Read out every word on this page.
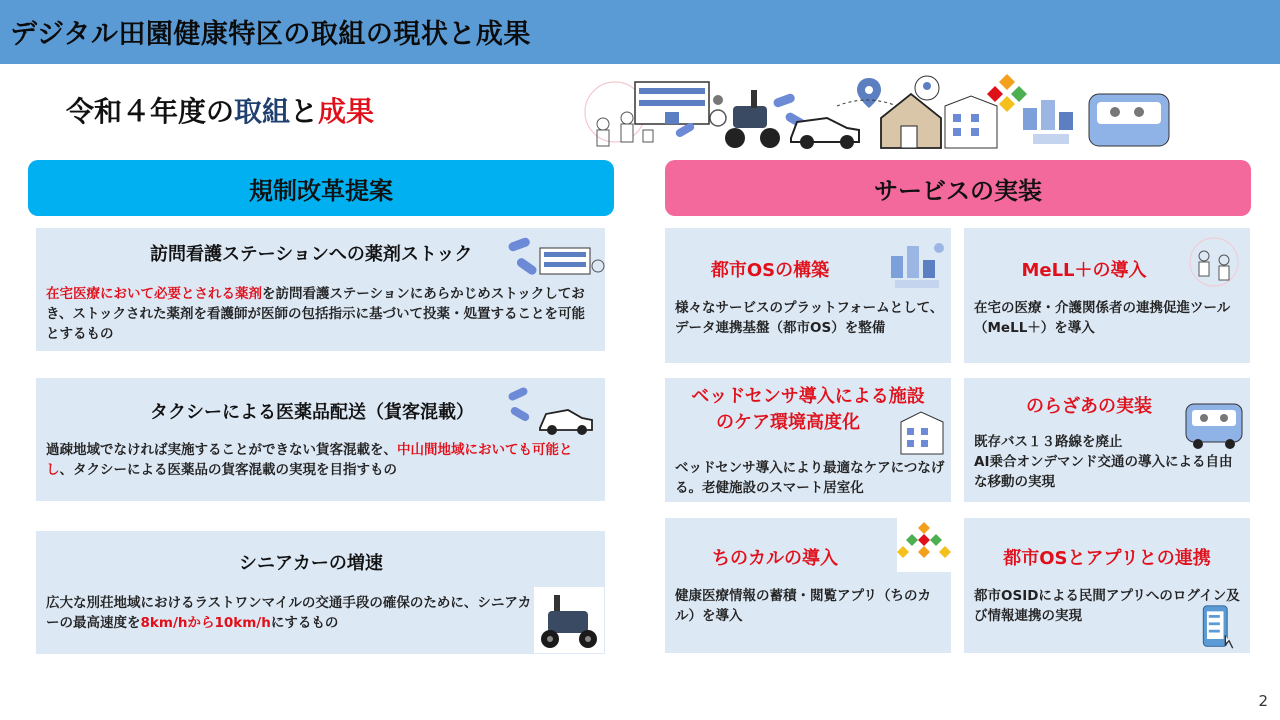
デジタル田園健康特区の取組の現状と成果
令和４年度の取組と成果
規制改革提案
訪問看護ステーションへの薬剤ストック
在宅医療において必要とされる薬剤を訪問看護ステーションにあらかじめストックしておき、ストックされた薬剤を看護師が医師の包括指示に基づいて投薬・処置することを可能とするもの
タクシーによる医薬品配送（貨客混載）
過疎地域でなければ実施することができない貨客混載を、中山間地域においても可能とし、タクシーによる医薬品の貨客混載の実現を目指すもの
シニアカーの増速
広大な別荘地域におけるラストワンマイルの交通手段の確保のために、シニアカーの最高速度を8km/hから10km/hにするもの
サービスの実装
都市OSの構築
様々なサービスのプラットフォームとして、データ連携基盤（都市OS）を整備
MeLL＋の導入
在宅の医療・介護関係者の連携促進ツール（MeLL＋）を導入
ベッドセンサ導入による施設
のケア環境高度化
ベッドセンサ導入により最適なケアにつなげる。老健施設のスマート居室化
のらざあの実装
既存バス１３路線を廃止
AI乗合オンデマンド交通の導入による自由な移動の実現
ちのカルの導入
健康医療情報の蓄積・閲覧アプリ（ちのカル）を導入
都市OSとアプリとの連携
都市OSIDによる民間アプリへのログイン及び情報連携の実現
2
